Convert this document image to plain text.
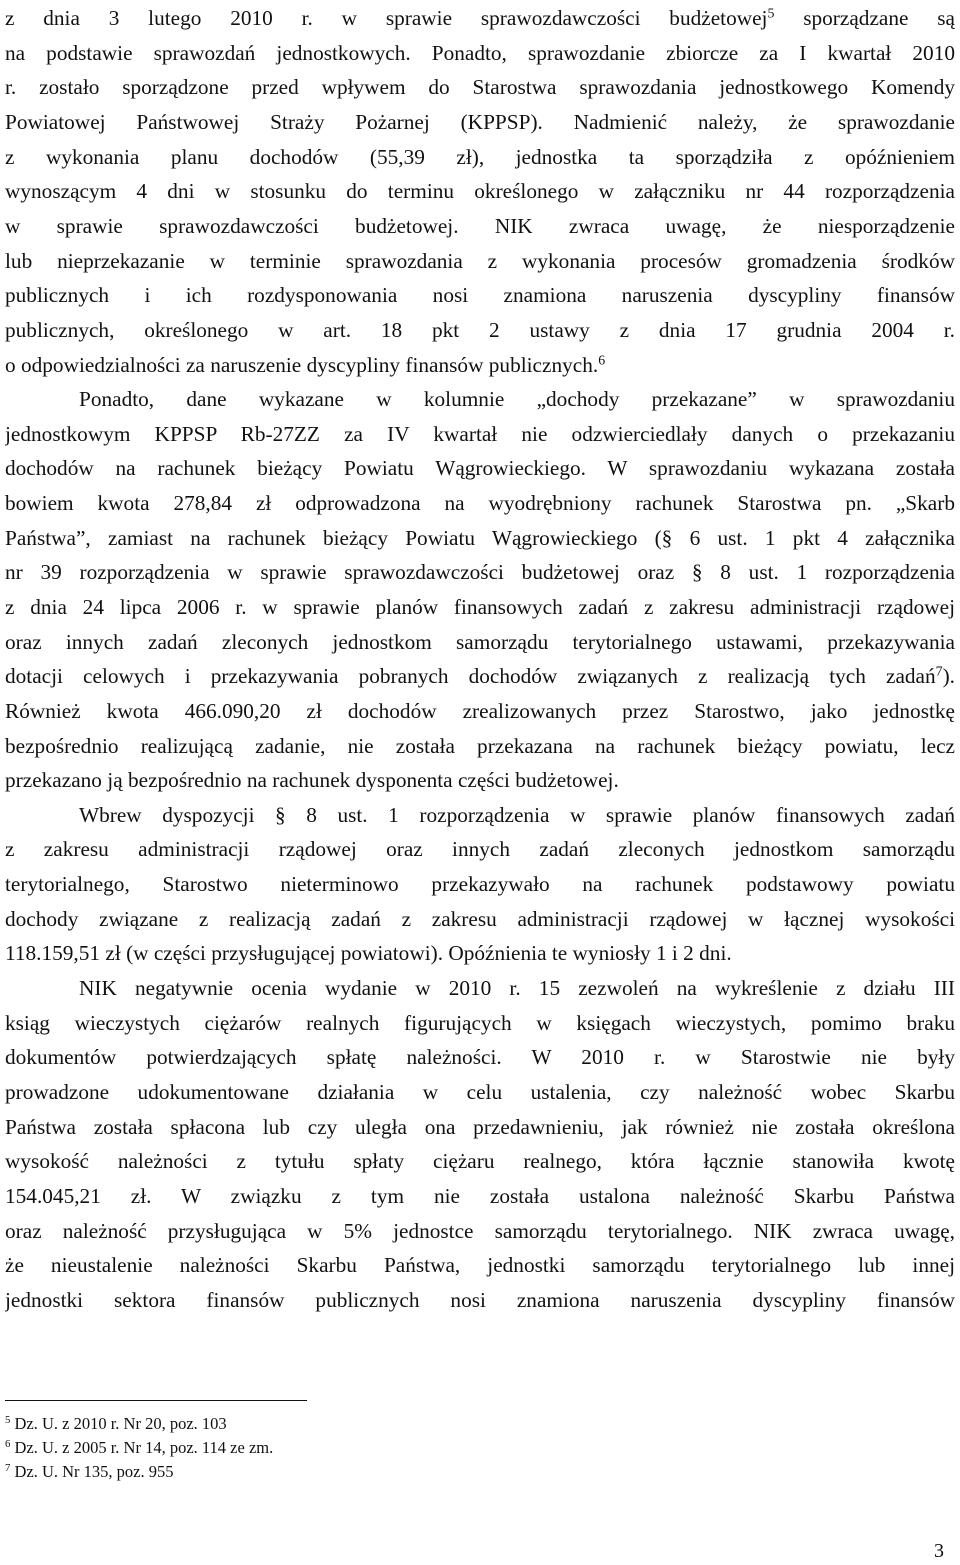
z dnia 3 lutego 2010 r. w sprawie sprawozdawczości budżetowej$^5$ sporządzane są
na podstawie sprawozdań jednostkowych. Ponadto, sprawozdanie zbiorcze za I kwartał 2010
r. zostało sporządzone przed wpływem do Starostwa sprawozdania jednostkowego Komendy
Powiatowej Państwowej Straży Pożarnej (KPPSP). Nadmienić należy, że sprawozdanie
z wykonania planu dochodów (55,39 zł), jednostka ta sporządziła z opóźnieniem
wynoszącym 4 dni w stosunku do terminu określonego w załączniku nr 44 rozporządzenia
w sprawie sprawozdawczości budżetowej. NIK zwraca uwagę, że niesporządzenie
lub nieprzekazanie w terminie sprawozdania z wykonania procesów gromadzenia środków
publicznych i ich rozdysponowania nosi znamiona naruszenia dyscypliny finansów
publicznych, określonego w art. 18 pkt 2 ustawy z dnia 17 grudnia 2004 r.
o odpowiedzialności za naruszenie dyscypliny finansów publicznych.$^6$
Ponadto, dane wykazane w kolumnie „dochody przekazane” w sprawozdaniu
jednostkowym KPPSP Rb-27ZZ za IV kwartał nie odzwierciedlały danych o przekazaniu
dochodów na rachunek bieżący Powiatu Wągrowieckiego. W sprawozdaniu wykazana została
bowiem kwota 278,84 zł odprowadzona na wyodrębniony rachunek Starostwa pn. „Skarb
Państwa”, zamiast na rachunek bieżący Powiatu Wągrowieckiego (§ 6 ust. 1 pkt 4 załącznika
nr 39 rozporządzenia w sprawie sprawozdawczości budżetowej oraz § 8 ust. 1 rozporządzenia
z dnia 24 lipca 2006 r. w sprawie planów finansowych zadań z zakresu administracji rządowej
oraz innych zadań zleconych jednostkom samorządu terytorialnego ustawami, przekazywania
dotacji celowych i przekazywania pobranych dochodów związanych z realizacją tych zadań$^7$).
Również kwota 466.090,20 zł dochodów zrealizowanych przez Starostwo, jako jednostkę
bezpośrednio realizującą zadanie, nie została przekazana na rachunek bieżący powiatu, lecz
przekazano ją bezpośrednio na rachunek dysponenta części budżetowej.
Wbrew dyspozycji § 8 ust. 1 rozporządzenia w sprawie planów finansowych zadań
z zakresu administracji rządowej oraz innych zadań zleconych jednostkom samorządu
terytorialnego, Starostwo nieterminowo przekazywało na rachunek podstawowy powiatu
dochody związane z realizacją zadań z zakresu administracji rządowej w łącznej wysokości
118.159,51 zł (w części przysługującej powiatowi). Opóźnienia te wyniosły 1 i 2 dni.
NIK negatywnie ocenia wydanie w 2010 r. 15 zezwoleń na wykreślenie z działu III
ksiąg wieczystych ciężarów realnych figurujących w księgach wieczystych, pomimo braku
dokumentów potwierdzających spłatę należności. W 2010 r. w Starostwie nie były
prowadzone udokumentowane działania w celu ustalenia, czy należność wobec Skarbu
Państwa została spłacona lub czy uległa ona przedawnieniu, jak również nie została określona
wysokość należności z tytułu spłaty ciężaru realnego, która łącznie stanowiła kwotę
154.045,21 zł. W związku z tym nie została ustalona należność Skarbu Państwa
oraz należność przysługująca w 5% jednostce samorządu terytorialnego. NIK zwraca uwagę,
że nieustalenie należności Skarbu Państwa, jednostki samorządu terytorialnego lub innej
jednostki sektora finansów publicznych nosi znamiona naruszenia dyscypliny finansów
$^5$ Dz. U. z 2010 r. Nr 20, poz. 103
$^6$ Dz. U. z 2005 r. Nr 14, poz. 114 ze zm.
$^7$ Dz. U. Nr 135, poz. 955
3
